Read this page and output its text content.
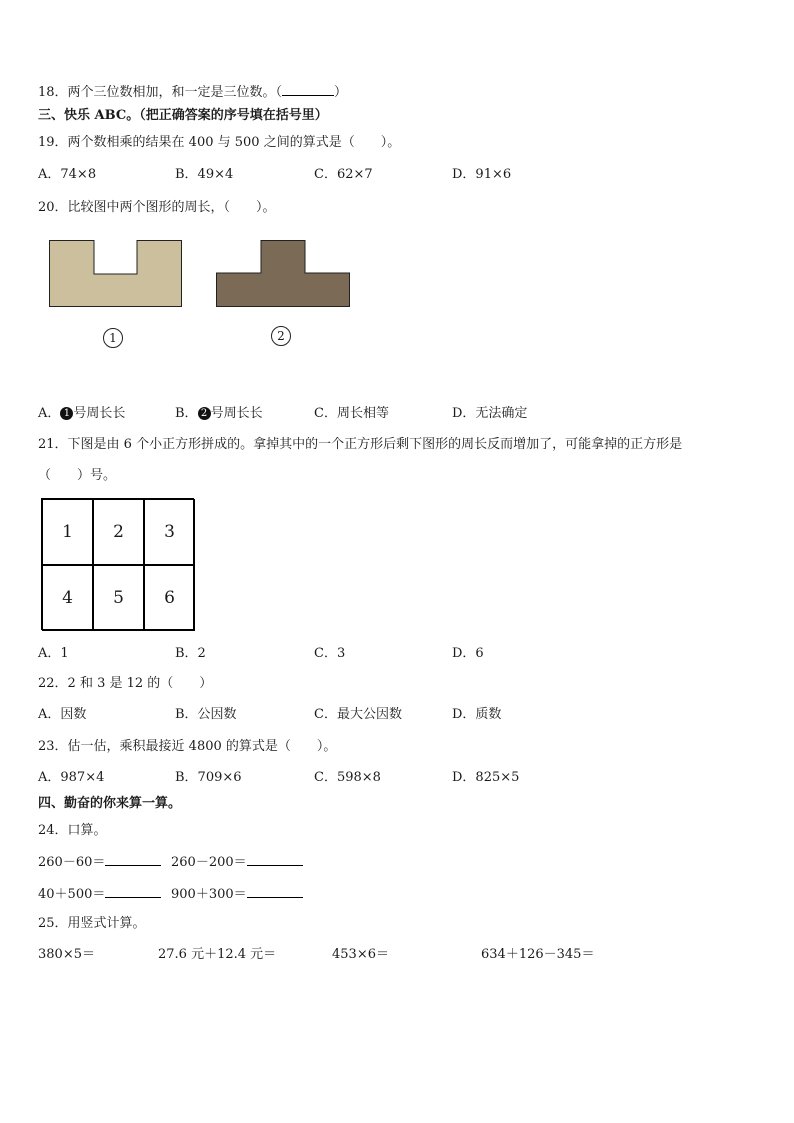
18．两个三位数相加，和一定是三位数。（	）
三、快乐 ABC。（把正确答案的序号填在括号里）
19．两个数相乘的结果在 400 与 500 之间的算式是（　　）。
A．74×8	B．49×4	C．62×7	D．91×6
20．比较图中两个图形的周长，（　　）。
1	2
A． 1 号周长长	B． 2 号周长长	C．周长相等	D．无法确定
21．下图是由 6 个小正方形拼成的。拿掉其中的一个正方形后剩下图形的周长反而增加了，可能拿掉的正方形是
（　　）号。
1	2	3
4	5	6
A．1	B．2	C．3	D．6
22．2 和 3 是 12 的（　　）
A．因数	B．公因数	C．最大公因数	D．质数
23．估一估，乘积最接近 4800 的算式是（　　）。
A．987×4	B．709×6	C．598×8	D．825×5
四、勤奋的你来算一算。
24．口算。
260－60＝	260－200＝
40＋500＝	900＋300＝
25．用竖式计算。
380×5＝	27.6 元＋12.4 元＝	453×6＝	634＋126－345＝
